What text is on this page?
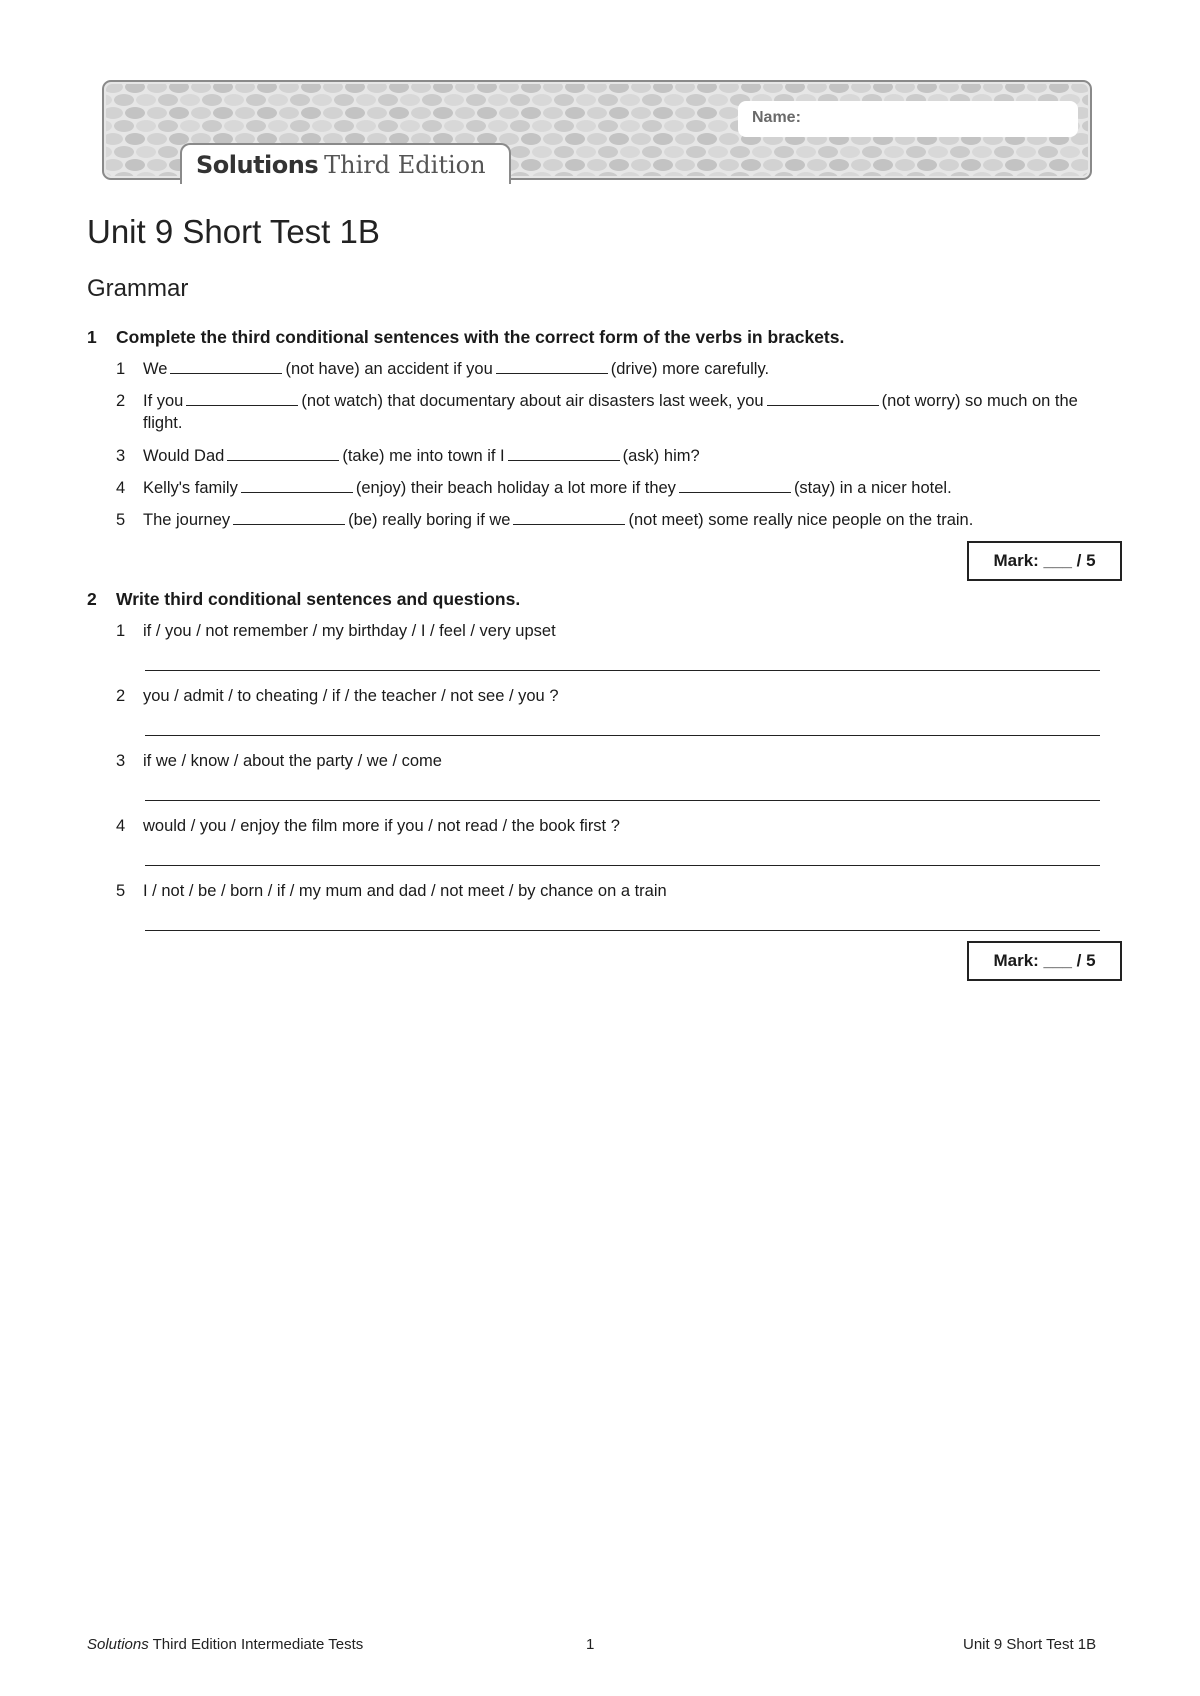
Name:
Solutions Third Edition
Unit 9 Short Test 1B
Grammar
1 Complete the third conditional sentences with the correct form of the verbs in brackets.
1 We	(not have) an accident if you	(drive) more carefully.
2 If you	(not watch) that documentary about air disasters last week, you	(not worry) so much on the flight.
3 Would Dad	(take) me into town if I	(ask) him?
4 Kelly's family	(enjoy) their beach holiday a lot more if they	(stay) in a nicer hotel.
5 The journey	(be) really boring if we	(not meet) some really nice people on the train.
Mark: ___ / 5
2 Write third conditional sentences and questions.
1 if / you / not remember / my birthday / I / feel / very upset
2 you / admit / to cheating / if / the teacher / not see / you ?
3 if we / know / about the party / we / come
4 would / you / enjoy the film more if you / not read / the book first ?
5 I / not / be / born / if / my mum and dad / not meet / by chance on a train
Mark: ___ / 5
Solutions Third Edition Intermediate Tests	1	Unit 9 Short Test 1B
